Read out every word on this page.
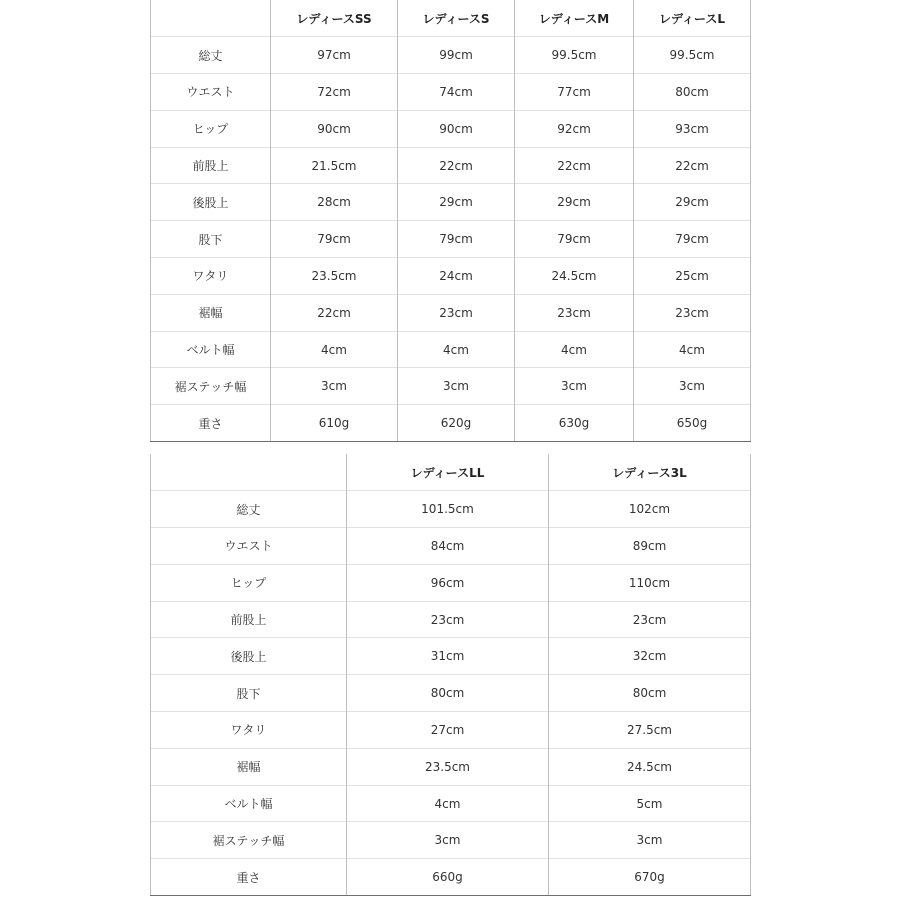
	レディースSS	レディースS	レディースM	レディースL
総丈	97cm	99cm	99.5cm	99.5cm
ウエスト	72cm	74cm	77cm	80cm
ヒップ	90cm	90cm	92cm	93cm
前股上	21.5cm	22cm	22cm	22cm
後股上	28cm	29cm	29cm	29cm
股下	79cm	79cm	79cm	79cm
ワタリ	23.5cm	24cm	24.5cm	25cm
裾幅	22cm	23cm	23cm	23cm
ベルト幅	4cm	4cm	4cm	4cm
裾ステッチ幅	3cm	3cm	3cm	3cm
重さ	610g	620g	630g	650g
	レディースLL	レディース3L
総丈	101.5cm	102cm
ウエスト	84cm	89cm
ヒップ	96cm	110cm
前股上	23cm	23cm
後股上	31cm	32cm
股下	80cm	80cm
ワタリ	27cm	27.5cm
裾幅	23.5cm	24.5cm
ベルト幅	4cm	5cm
裾ステッチ幅	3cm	3cm
重さ	660g	670g
